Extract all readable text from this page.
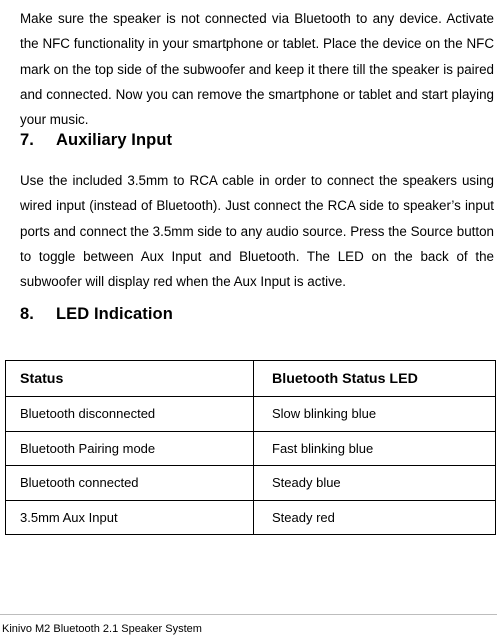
Make sure the speaker is not connected via Bluetooth to any device. Activate the NFC functionality in your smartphone or tablet. Place the device on the NFC mark on the top side of the subwoofer and keep it there till the speaker is paired and connected. Now you can remove the smartphone or tablet and start playing your music.

7. Auxiliary Input

Use the included 3.5mm to RCA cable in order to connect the speakers using wired input (instead of Bluetooth). Just connect the RCA side to speaker’s input ports and connect the 3.5mm side to any audio source. Press the Source button to toggle between Aux Input and Bluetooth. The LED on the back of the subwoofer will display red when the Aux Input is active.

8. LED Indication
Status	Bluetooth Status LED
Bluetooth disconnected	Slow blinking blue
Bluetooth Pairing mode	Fast blinking blue
Bluetooth connected	Steady blue
3.5mm Aux Input	Steady red
Kinivo M2 Bluetooth 2.1 Speaker System
